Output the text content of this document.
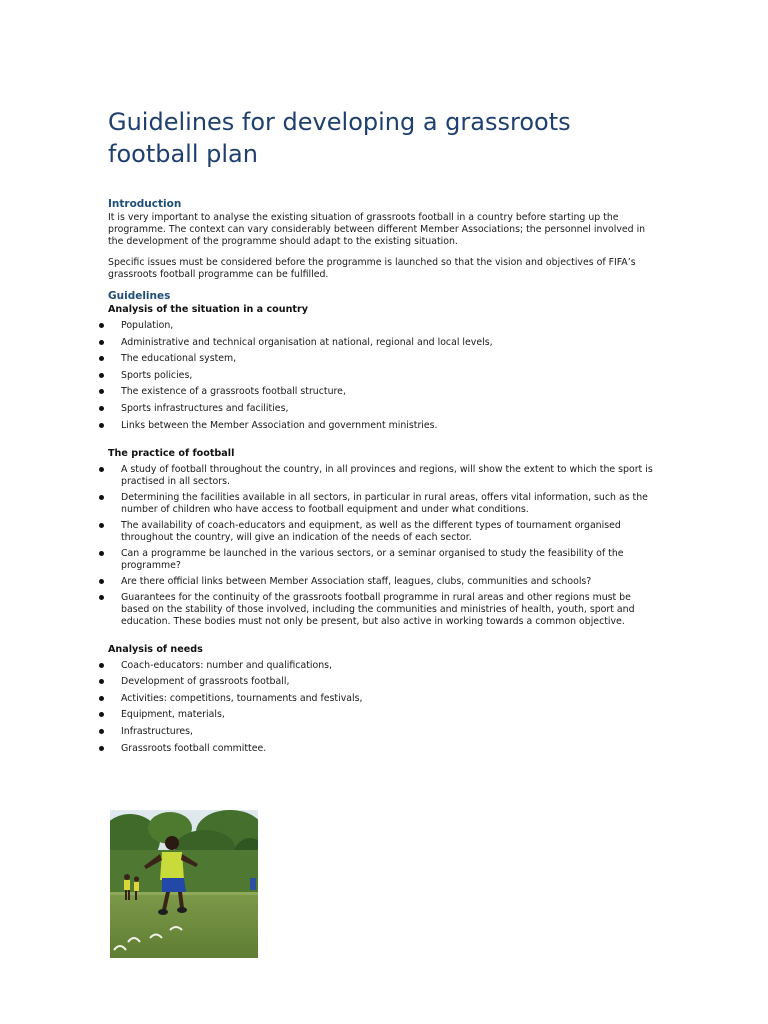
Guidelines for developing a grassroots football plan
Introduction

It is very important to analyse the existing situation of grassroots football in a country before starting up the programme. The context can vary considerably between different Member Associations; the personnel involved in the development of the programme should adapt to the existing situation.

Specific issues must be considered before the programme is launched so that the vision and objectives of FIFA’s grassroots football programme can be fulfilled.

Guidelines
Analysis of the situation in a country
Population,
Administrative and technical organisation at national, regional and local levels,
The educational system,
Sports policies,
The existence of a grassroots football structure,
Sports infrastructures and facilities,
Links between the Member Association and government ministries.
The practice of football
A study of football throughout the country, in all provinces and regions, will show the extent to which the sport is practised in all sectors.
Determining the facilities available in all sectors, in particular in rural areas, offers vital information, such as the number of children who have access to football equipment and under what conditions.
The availability of coach-educators and equipment, as well as the different types of tournament organised throughout the country, will give an indication of the needs of each sector.
Can a programme be launched in the various sectors, or a seminar organised to study the feasibility of the programme?
Are there official links between Member Association staff, leagues, clubs, communities and schools?
Guarantees for the continuity of the grassroots football programme in rural areas and other regions must be based on the stability of those involved, including the communities and ministries of health, youth, sport and education. These bodies must not only be present, but also active in working towards a common objective.
Analysis of needs
Coach-educators: number and qualifications,
Development of grassroots football,
Activities: competitions, tournaments and festivals,
Equipment, materials,
Infrastructures,
Grassroots football committee.
